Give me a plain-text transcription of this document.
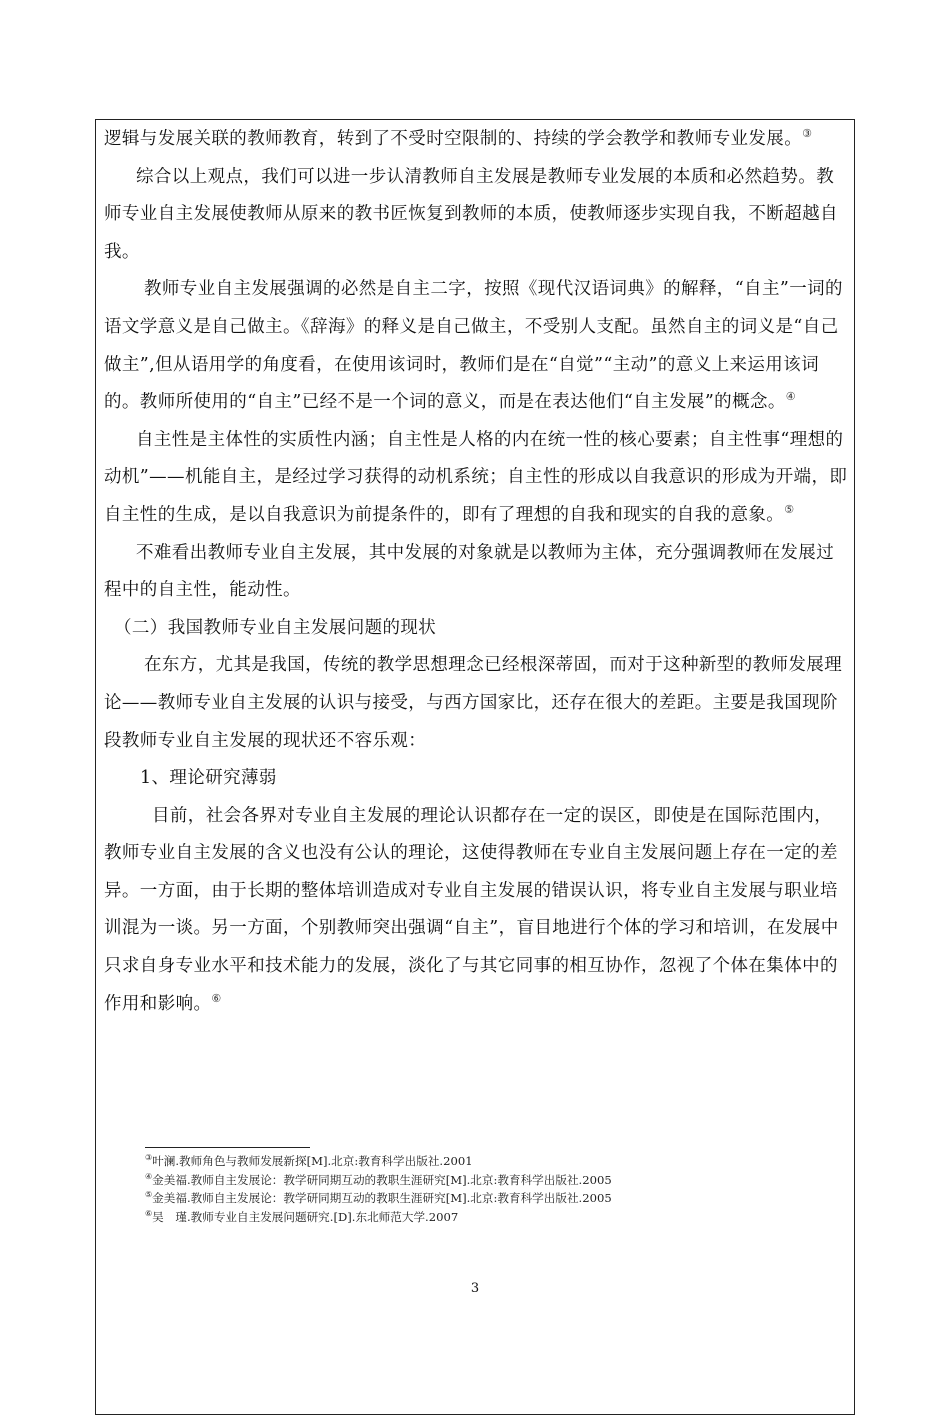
逻辑与发展关联的教师教育，转到了不受时空限制的、持续的学会教学和教师专业发展。③

综合以上观点，我们可以进一步认清教师自主发展是教师专业发展的本质和必然趋势。教师专业自主发展使教师从原来的教书匠恢复到教师的本质，使教师逐步实现自我，不断超越自我。

教师专业自主发展强调的必然是自主二字，按照《现代汉语词典》的解释，“自主”一词的语文学意义是自己做主。《辞海》的释义是自己做主，不受别人支配。虽然自主的词义是“自己做主”,但从语用学的角度看，在使用该词时，教师们是在“自觉”“主动”的意义上来运用该词的。教师所使用的“自主”已经不是一个词的意义，而是在表达他们“自主发展”的概念。④

自主性是主体性的实质性内涵；自主性是人格的内在统一性的核心要素；自主性事“理想的动机”——机能自主，是经过学习获得的动机系统；自主性的形成以自我意识的形成为开端，即自主性的生成，是以自我意识为前提条件的，即有了理想的自我和现实的自我的意象。⑤

不难看出教师专业自主发展，其中发展的对象就是以教师为主体，充分强调教师在发展过程中的自主性，能动性。

（二）我国教师专业自主发展问题的现状

在东方，尤其是我国，传统的教学思想理念已经根深蒂固，而对于这种新型的教师发展理论——教师专业自主发展的认识与接受，与西方国家比，还存在很大的差距。主要是我国现阶段教师专业自主发展的现状还不容乐观：

1、理论研究薄弱

目前，社会各界对专业自主发展的理论认识都存在一定的误区，即使是在国际范围内，教师专业自主发展的含义也没有公认的理论，这使得教师在专业自主发展问题上存在一定的差异。一方面，由于长期的整体培训造成对专业自主发展的错误认识，将专业自主发展与职业培训混为一谈。另一方面，个别教师突出强调“自主”，盲目地进行个体的学习和培训，在发展中只求自身专业水平和技术能力的发展，淡化了与其它同事的相互协作，忽视了个体在集体中的作用和影响。⑥

③叶澜.教师角色与教师发展新探[M].北京:教育科学出版社.2001
④金美福.教师自主发展论：教学研同期互动的教职生涯研究[M].北京:教育科学出版社.2005
⑤金美福.教师自主发展论：教学研同期互动的教职生涯研究[M].北京:教育科学出版社.2005
⑥吴　瑾.教师专业自主发展问题研究.[D].东北师范大学.2007
3
